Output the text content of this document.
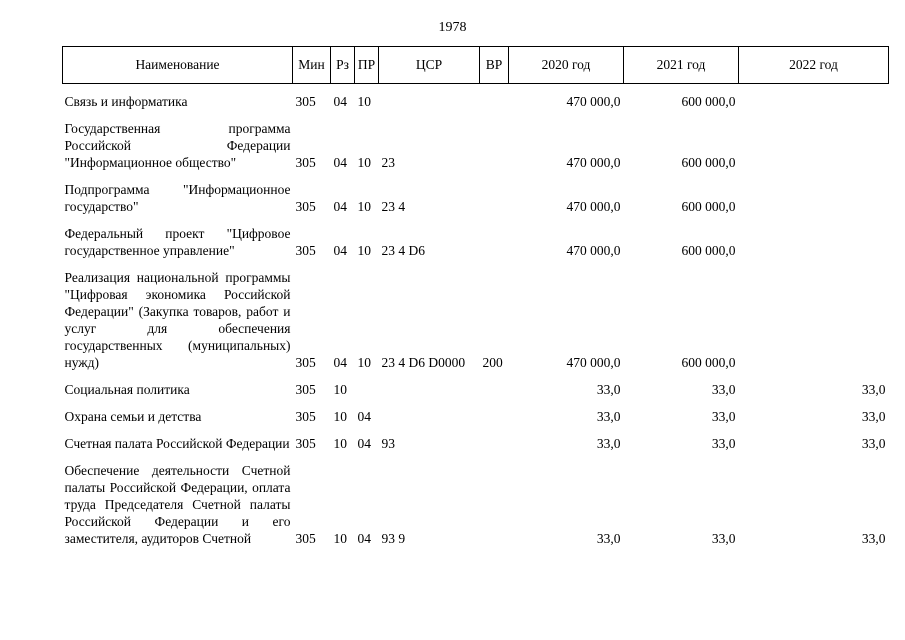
1978
Наименование	Мин	Рз	ПР	ЦСР	ВР	2020 год	2021 год	2022 год
Связь и информатика	305	04	10			470 000,0	600 000,0	
Государственная программа Российской Федерации "Информационное общество"	305	04	10	23		470 000,0	600 000,0	
Подпрограмма "Информационное государство"	305	04	10	23 4		470 000,0	600 000,0	
Федеральный проект "Цифровое государственное управление"	305	04	10	23 4 D6		470 000,0	600 000,0	
Реализация национальной программы "Цифровая экономика Российской Федерации" (Закупка товаров, работ и услуг для обеспечения государственных (муниципальных) нужд)	305	04	10	23 4 D6 D0000	200	470 000,0	600 000,0	
Социальная политика	305	10				33,0	33,0	33,0
Охрана семьи и детства	305	10	04			33,0	33,0	33,0
Счетная палата Российской Федерации	305	10	04	93		33,0	33,0	33,0
Обеспечение деятельности Счетной палаты Российской Федерации, оплата труда Председателя Счетной палаты Российской Федерации и его заместителя, аудиторов Счетной	305	10	04	93 9		33,0	33,0	33,0
